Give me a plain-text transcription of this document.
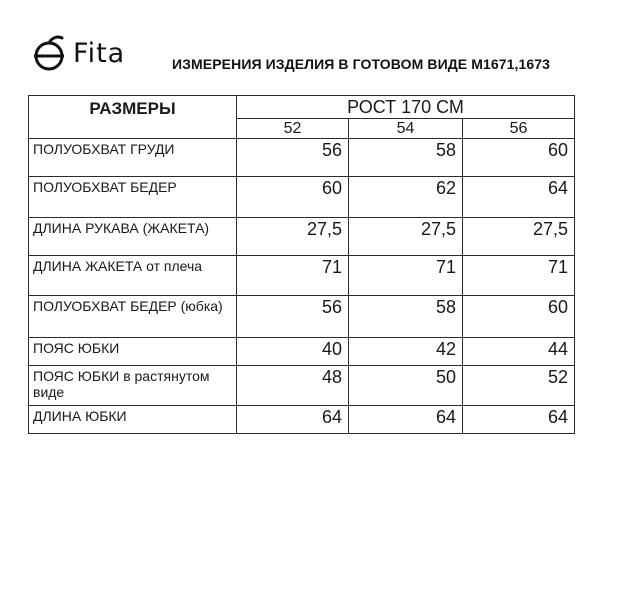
Fita	ИЗМЕРЕНИЯ ИЗДЕЛИЯ В ГОТОВОМ ВИДЕ М1671,1673
РАЗМЕРЫ	РОСТ 170 СМ		
	52	54	56
ПОЛУОБХВАТ ГРУДИ	56	58	60
ПОЛУОБХВАТ БЕДЕР	60	62	64
ДЛИНА РУКАВА (ЖАКЕТА)	27,5	27,5	27,5
ДЛИНА ЖАКЕТА от плеча	71	71	71
ПОЛУОБХВАТ БЕДЕР (юбка)	56	58	60
ПОЯС ЮБКИ	40	42	44
ПОЯС ЮБКИ в растянутом виде	48	50	52
ДЛИНА ЮБКИ	64	64	64
